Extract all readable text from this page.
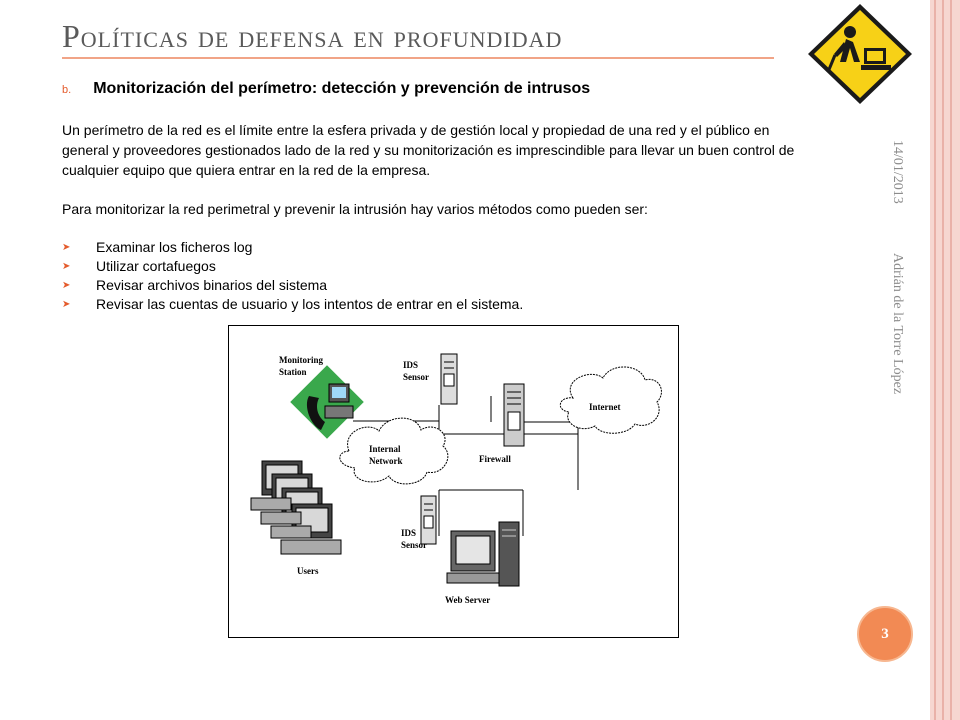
Políticas de defensa en profundidad
b. Monitorización del perímetro: detección y prevención de intrusos
Un perímetro de la red es el límite entre la esfera privada y de gestión local y propiedad de una red y el público en general y proveedores gestionados lado de la red y su monitorización es imprescindible para llevar un buen control de cualquier equipo que quiera entrar en la red de la empresa.
Para monitorizar la red perimetral y prevenir la intrusión hay varios métodos como pueden ser:
➤ Examinar los ficheros log
➤ Utilizar cortafuegos
➤ Revisar archivos binarios del sistema
➤ Revisar las cuentas de usuario y los intentos de entrar en el sistema.
14/01/2013
Adrián de la Torre López
Internal
Network
Internet
Monitoring
Station
IDS
Sensor
Firewall
IDS
Sensor
Web Server
Users
3
